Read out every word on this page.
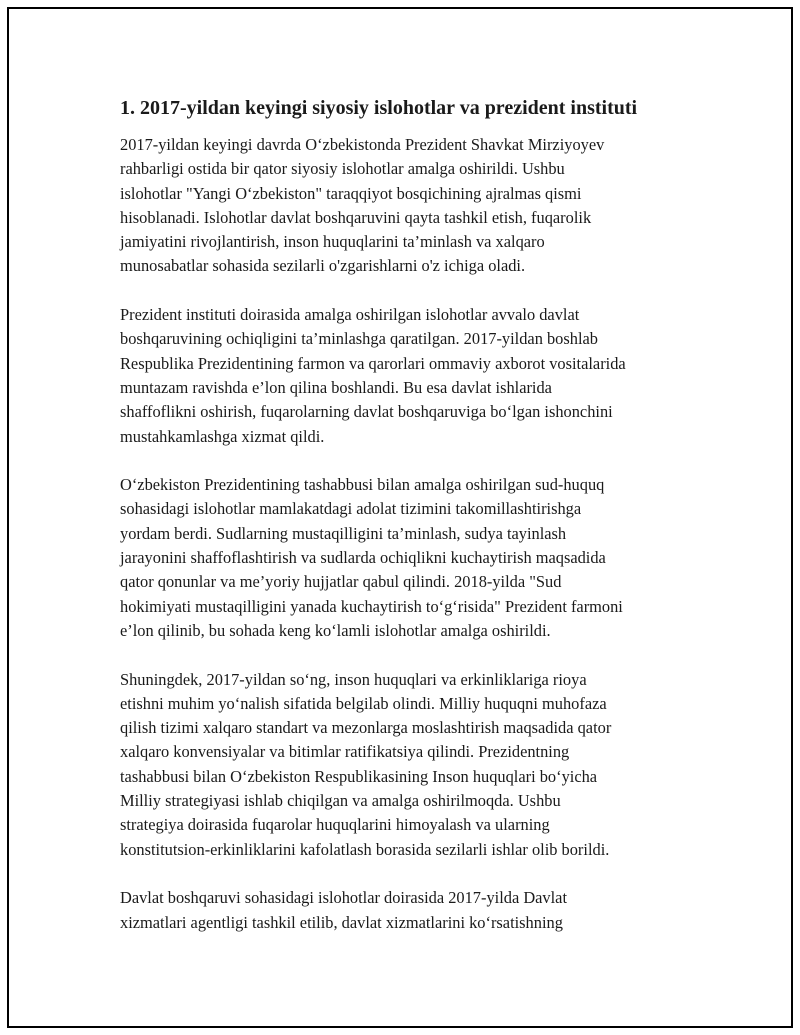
1. 2017-yildan keyingi siyosiy islohotlar va prezident instituti

2017-yildan keyingi davrda O‘zbekistonda Prezident Shavkat Mirziyoyev
rahbarligi ostida bir qator siyosiy islohotlar amalga oshirildi. Ushbu
islohotlar "Yangi O‘zbekiston" taraqqiyot bosqichining ajralmas qismi
hisoblanadi. Islohotlar davlat boshqaruvini qayta tashkil etish, fuqarolik
jamiyatini rivojlantirish, inson huquqlarini ta’minlash va xalqaro
munosabatlar sohasida sezilarli o'zgarishlarni o'z ichiga oladi.

Prezident instituti doirasida amalga oshirilgan islohotlar avvalo davlat
boshqaruvining ochiqligini ta’minlashga qaratilgan. 2017-yildan boshlab
Respublika Prezidentining farmon va qarorlari ommaviy axborot vositalarida
muntazam ravishda e’lon qilina boshlandi. Bu esa davlat ishlarida
shaffoflikni oshirish, fuqarolarning davlat boshqaruviga bo‘lgan ishonchini
mustahkamlashga xizmat qildi.

O‘zbekiston Prezidentining tashabbusi bilan amalga oshirilgan sud-huquq
sohasidagi islohotlar mamlakatdagi adolat tizimini takomillashtirishga
yordam berdi. Sudlarning mustaqilligini ta’minlash, sudya tayinlash
jarayonini shaffoflashtirish va sudlarda ochiqlikni kuchaytirish maqsadida
qator qonunlar va me’yoriy hujjatlar qabul qilindi. 2018-yilda "Sud
hokimiyati mustaqilligini yanada kuchaytirish to‘g‘risida" Prezident farmoni
e’lon qilinib, bu sohada keng ko‘lamli islohotlar amalga oshirildi.

Shuningdek, 2017-yildan so‘ng, inson huquqlari va erkinliklariga rioya
etishni muhim yo‘nalish sifatida belgilab olindi. Milliy huquqni muhofaza
qilish tizimi xalqaro standart va mezonlarga moslashtirish maqsadida qator
xalqaro konvensiyalar va bitimlar ratifikatsiya qilindi. Prezidentning
tashabbusi bilan O‘zbekiston Respublikasining Inson huquqlari bo‘yicha
Milliy strategiyasi ishlab chiqilgan va amalga oshirilmoqda. Ushbu
strategiya doirasida fuqarolar huquqlarini himoyalash va ularning
konstitutsion-erkinliklarini kafolatlash borasida sezilarli ishlar olib borildi.

Davlat boshqaruvi sohasidagi islohotlar doirasida 2017-yilda Davlat
xizmatlari agentligi tashkil etilib, davlat xizmatlarini ko‘rsatishning
